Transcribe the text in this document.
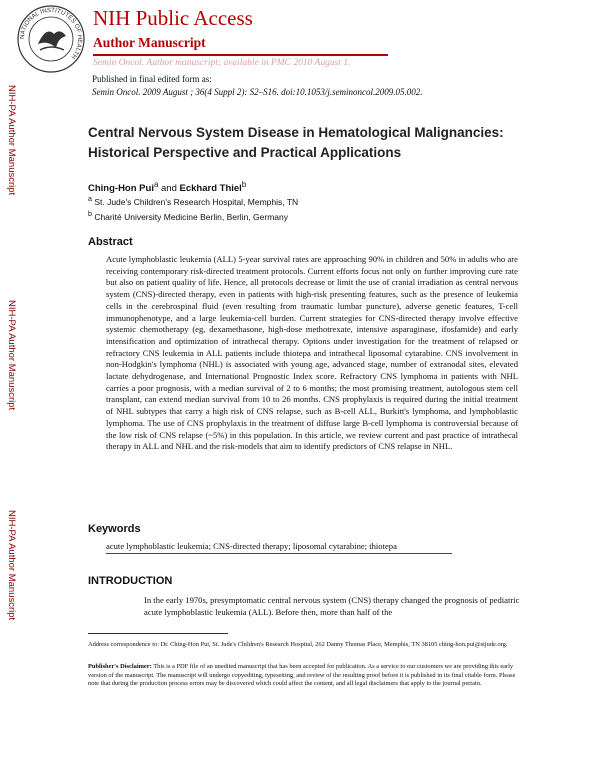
NATIONAL INSTITUTES OF HEALTH
NIH Public Access
Author Manuscript
Semin Oncol. Author manuscript; available in PMC 2010 August 1.
Published in final edited form as:
Semin Oncol. 2009 August ; 36(4 Suppl 2): S2–S16. doi:10.1053/j.seminoncol.2009.05.002.
NIH-PA Author Manuscript
NIH-PA Author Manuscript
NIH-PA Author Manuscript
Central Nervous System Disease in Hematological Malignancies: Historical Perspective and Practical Applications
Ching-Hon Pui$^a$ and Eckhard Thiel$^b$
$^a$ St. Jude's Children's Research Hospital, Memphis, TN
$^b$ Charité University Medicine Berlin, Berlin, Germany
Abstract
Acute lymphoblastic leukemia (ALL) 5-year survival rates are approaching 90% in children and 50% in adults who are receiving contemporary risk-directed treatment protocols. Current efforts focus not only on further improving cure rate but also on patient quality of life. Hence, all protocols decrease or limit the use of cranial irradiation as central nervous system (CNS)-directed therapy, even in patients with high-risk presenting features, such as the presence of leukemia cells in the cerebrospinal fluid (even resulting from traumatic lumbar puncture), adverse genetic features, T-cell immunophenotype, and a large leukemia-cell burden. Current strategies for CNS-directed therapy involve effective systemic chemotherapy (eg, dexamethasone, high-dose methotrexate, intensive asparaginase, ifosfamide) and early intensification and optimization of intrathecal therapy. Options under investigation for the treatment of relapsed or refractory CNS leukemia in ALL patients include thiotepa and intrathecal liposomal cytarabine. CNS involvement in non-Hodgkin's lymphoma (NHL) is associated with young age, advanced stage, number of extranodal sites, elevated lactate dehydrogenase, and International Prognostic Index score. Refractory CNS lymphoma in patients with NHL carries a poor prognosis, with a median survival of 2 to 6 months; the most promising treatment, autologous stem cell transplant, can extend median survival from 10 to 26 months. CNS prophylaxis is required during the initial treatment of NHL subtypes that carry a high risk of CNS relapse, such as B-cell ALL, Burkitt's lymphoma, and lymphoblastic lymphoma. The use of CNS prophylaxis in the treatment of diffuse large B-cell lymphoma is controversial because of the low risk of CNS relapse (~5%) in this population. In this article, we review current and past practice of intrathecal therapy in ALL and NHL and the risk-models that aim to identify predictors of CNS relapse in NHL.
Keywords
acute lymphoblastic leukemia; CNS-directed therapy; liposomal cytarabine; thiotepa
INTRODUCTION
In the early 1970s, presymptomatic central nervous system (CNS) therapy changed the prognosis of pediatric acute lymphoblastic leukemia (ALL). Before then, more than half of the
Address correspondence to: Dr. Ching-Hon Pui, St. Jude's Children's Research Hospital, 262 Danny Thomas Place, Memphis, TN 38105 ching-hon.pui@stjude.org.
Publisher's Disclaimer: This is a PDF file of an unedited manuscript that has been accepted for publication. As a service to our customers we are providing this early version of the manuscript. The manuscript will undergo copyediting, typesetting, and review of the resulting proof before it is published in its final citable form. Please note that during the production process errors may be discovered which could affect the content, and all legal disclaimers that apply to the journal pertain.
